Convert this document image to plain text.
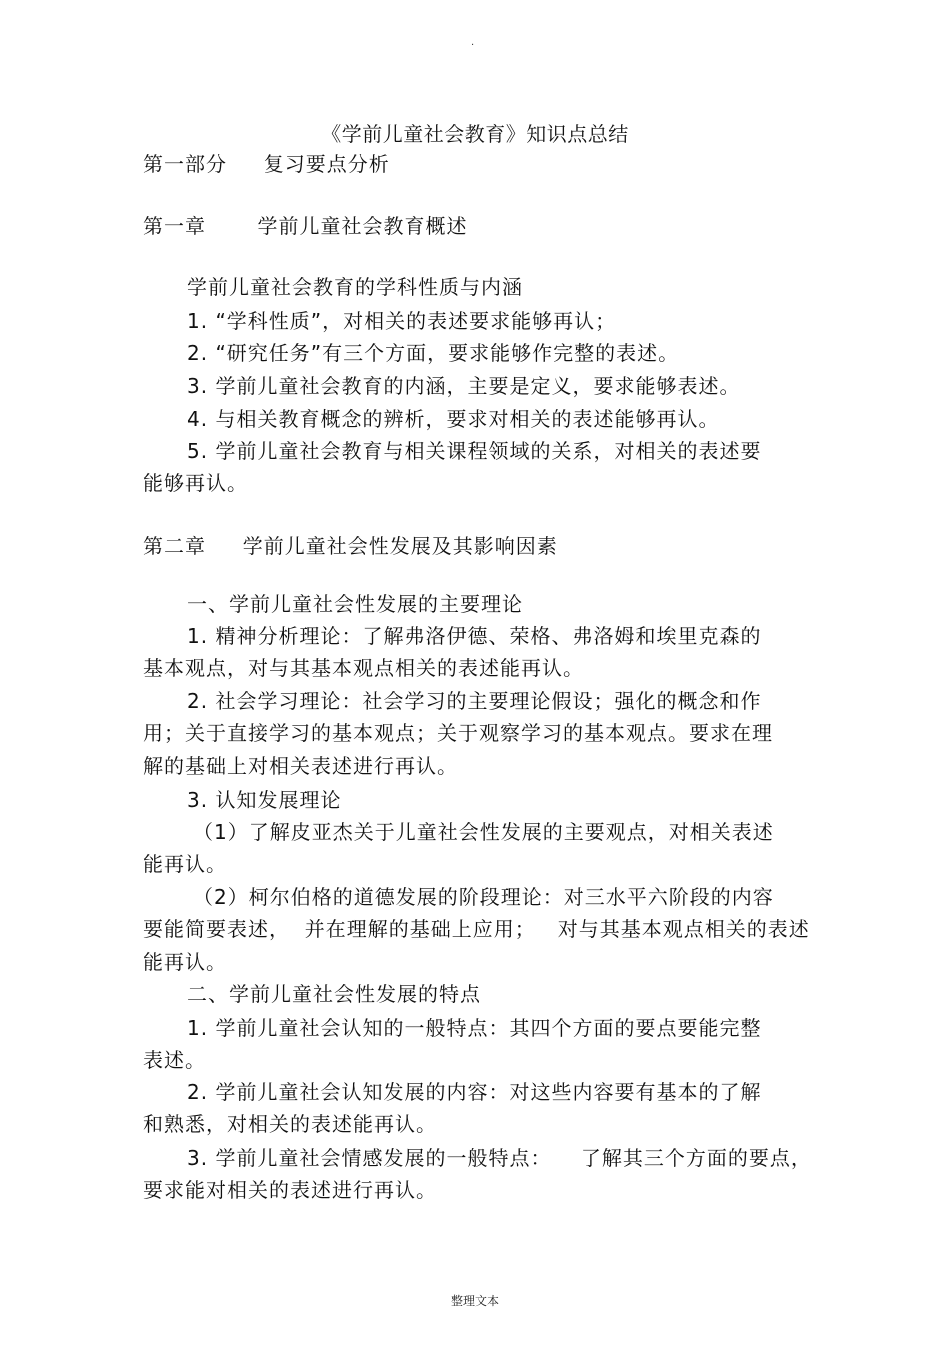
·
《学前儿童社会教育》知识点总结
第一部分     复习要点分析
第一章       学前儿童社会教育概述
学前儿童社会教育的学科性质与内涵
1. “学科性质”，对相关的表述要求能够再认；
2. “研究任务”有三个方面，要求能够作完整的表述。
3. 学前儿童社会教育的内涵，主要是定义，要求能够表述。
4. 与相关教育概念的辨析，要求对相关的表述能够再认。
5. 学前儿童社会教育与相关课程领域的关系，对相关的表述要
能够再认。
第二章     学前儿童社会性发展及其影响因素
一、学前儿童社会性发展的主要理论
1. 精神分析理论：了解弗洛伊德、荣格、弗洛姆和埃里克森的
基本观点，对与其基本观点相关的表述能再认。
2. 社会学习理论：社会学习的主要理论假设；强化的概念和作
用；关于直接学习的基本观点；关于观察学习的基本观点。要求在理
解的基础上对相关表述进行再认。
3. 认知发展理论
（1）了解皮亚杰关于儿童社会性发展的主要观点，对相关表述
能再认。
（2）柯尔伯格的道德发展的阶段理论：对三水平六阶段的内容
要能简要表述，  并在理解的基础上应用；   对与其基本观点相关的表述
能再认。
二、学前儿童社会性发展的特点
1. 学前儿童社会认知的一般特点：其四个方面的要点要能完整
表述。
2. 学前儿童社会认知发展的内容：对这些内容要有基本的了解
和熟悉，对相关的表述能再认。
3. 学前儿童社会情感发展的一般特点：    了解其三个方面的要点，
要求能对相关的表述进行再认。
整理文本
